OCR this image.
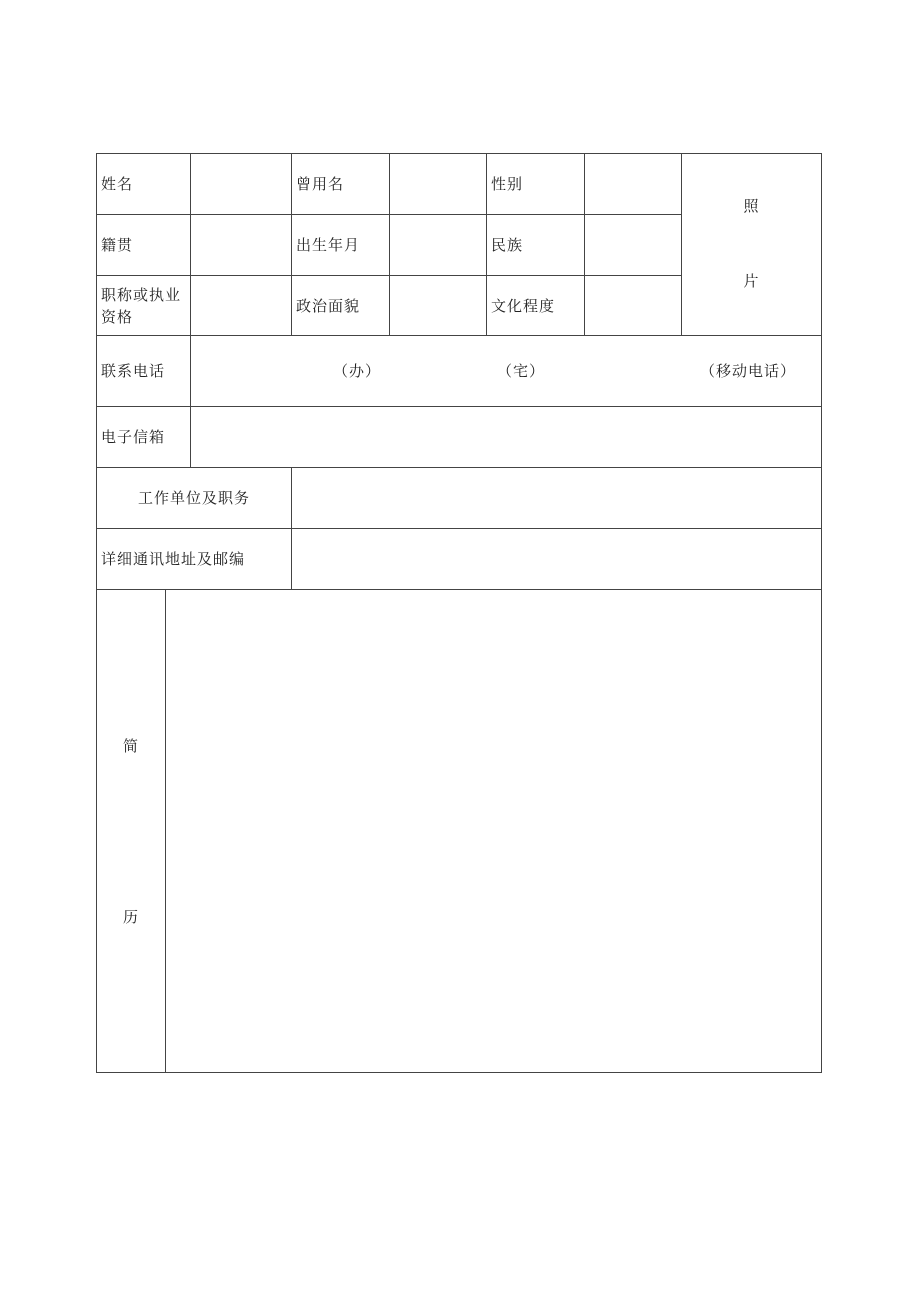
姓名			曾用名		性别		照
片

籍贯			出生年月		民族		
职称或执业资格			政治面貌		文化程度		
联系电话		（办） （宅） （移动电话）					

电子信箱							
工作单位及职务							
详细通讯地址及邮编							

简
历							
